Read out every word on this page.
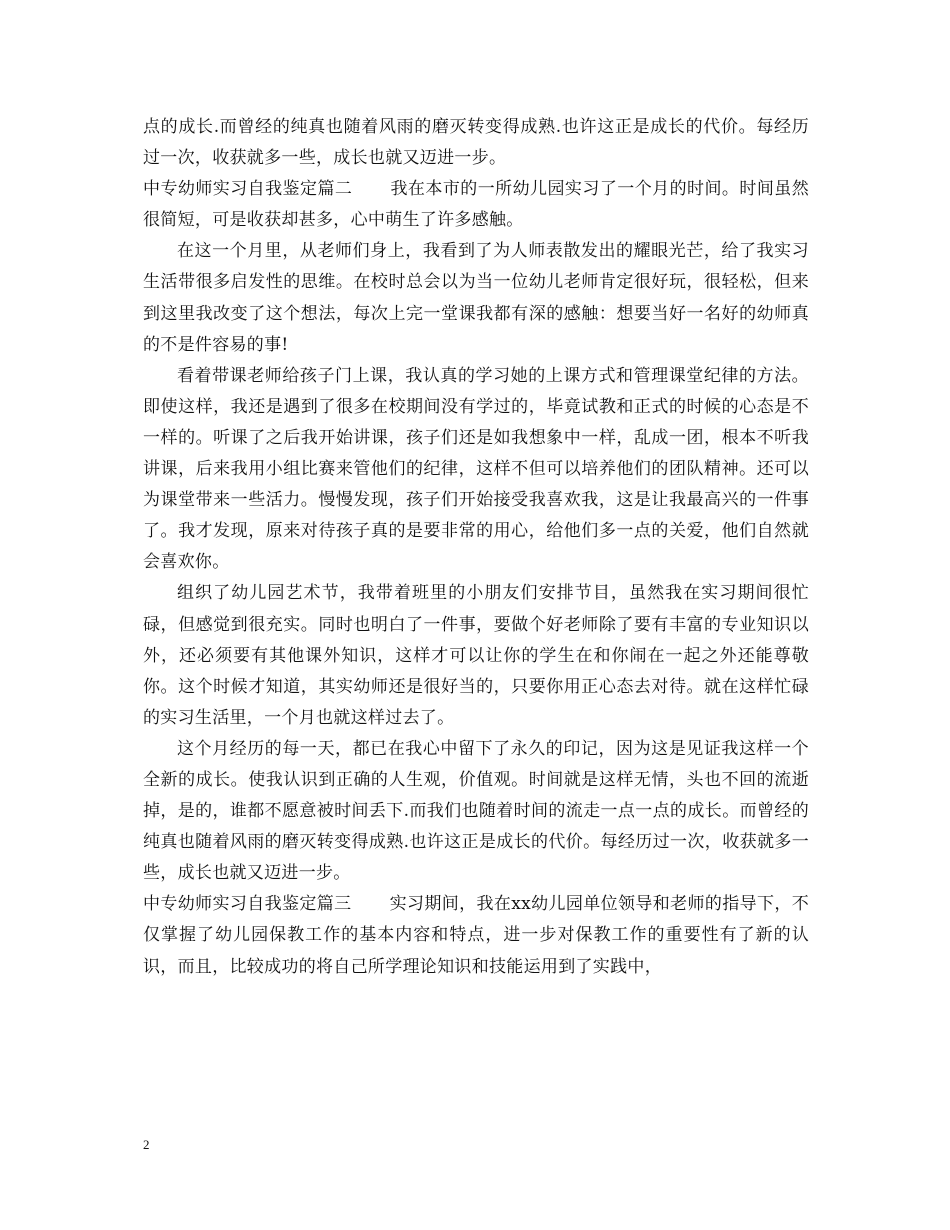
点的成长.而曾经的纯真也随着风雨的磨灭转变得成熟.也许这正是成长的代价。每经历过一次，收获就多一些，成长也就又迈进一步。

中专幼师实习自我鉴定篇二 我在本市的一所幼儿园实习了一个月的时间。时间虽然很简短，可是收获却甚多，心中萌生了许多感触。

在这一个月里，从老师们身上，我看到了为人师表散发出的耀眼光芒，给了我实习生活带很多启发性的思维。在校时总会以为当一位幼儿老师肯定很好玩，很轻松，但来到这里我改变了这个想法，每次上完一堂课我都有深的感触：想要当好一名好的幼师真的不是件容易的事!

看着带课老师给孩子门上课，我认真的学习她的上课方式和管理课堂纪律的方法。即使这样，我还是遇到了很多在校期间没有学过的，毕竟试教和正式的时候的心态是不一样的。听课了之后我开始讲课，孩子们还是如我想象中一样，乱成一团，根本不听我讲课，后来我用小组比赛来管他们的纪律，这样不但可以培养他们的团队精神。还可以为课堂带来一些活力。慢慢发现，孩子们开始接受我喜欢我，这是让我最高兴的一件事了。我才发现，原来对待孩子真的是要非常的用心，给他们多一点的关爱，他们自然就会喜欢你。

组织了幼儿园艺术节，我带着班里的小朋友们安排节目，虽然我在实习期间很忙碌，但感觉到很充实。同时也明白了一件事，要做个好老师除了要有丰富的专业知识以外，还必须要有其他课外知识，这样才可以让你的学生在和你闹在一起之外还能尊敬你。这个时候才知道，其实幼师还是很好当的，只要你用正心态去对待。就在这样忙碌的实习生活里，一个月也就这样过去了。

这个月经历的每一天，都已在我心中留下了永久的印记，因为这是见证我这样一个全新的成长。使我认识到正确的人生观，价值观。时间就是这样无情，头也不回的流逝掉，是的，谁都不愿意被时间丢下.而我们也随着时间的流走一点一点的成长。而曾经的纯真也随着风雨的磨灭转变得成熟.也许这正是成长的代价。每经历过一次，收获就多一些，成长也就又迈进一步。

中专幼师实习自我鉴定篇三 实习期间，我在xx幼儿园单位领导和老师的指导下，不仅掌握了幼儿园保教工作的基本内容和特点，进一步对保教工作的重要性有了新的认识，而且，比较成功的将自己所学理论知识和技能运用到了实践中，

2
